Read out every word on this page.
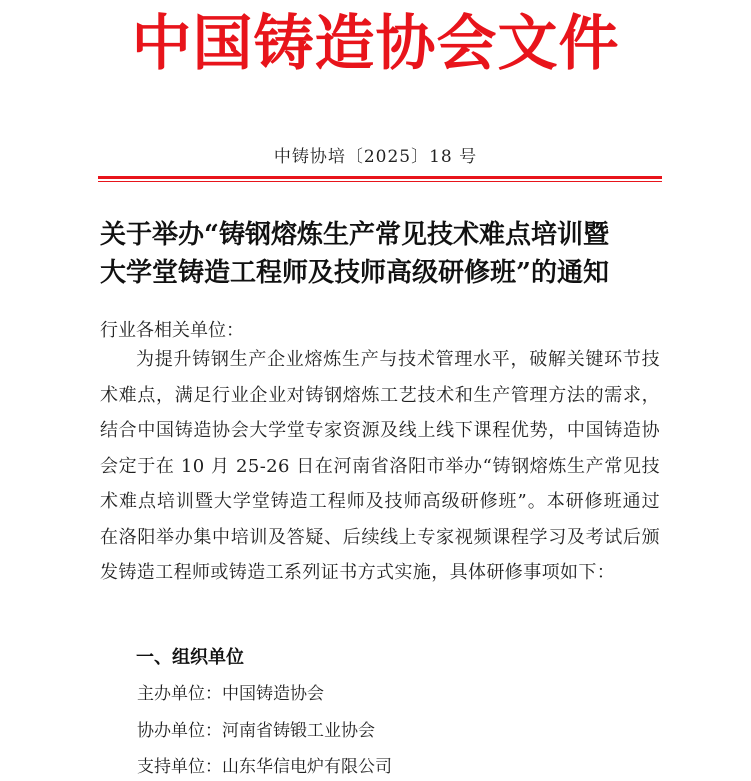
中国铸造协会文件
中铸协培〔2025〕18 号
关于举办“铸钢熔炼生产常见技术难点培训暨
大学堂铸造工程师及技师高级研修班”的通知
行业各相关单位：
为提升铸钢生产企业熔炼生产与技术管理水平，破解关键环节技术难点，满足行业企业对铸钢熔炼工艺技术和生产管理方法的需求，结合中国铸造协会大学堂专家资源及线上线下课程优势，中国铸造协会定于在 10 月 25-26 日在河南省洛阳市举办“铸钢熔炼生产常见技术难点培训暨大学堂铸造工程师及技师高级研修班”。本研修班通过在洛阳举办集中培训及答疑、后续线上专家视频课程学习及考试后颁发铸造工程师或铸造工系列证书方式实施，具体研修事项如下：
一、组织单位
主办单位：中国铸造协会
协办单位：河南省铸锻工业协会
支持单位：山东华信电炉有限公司
